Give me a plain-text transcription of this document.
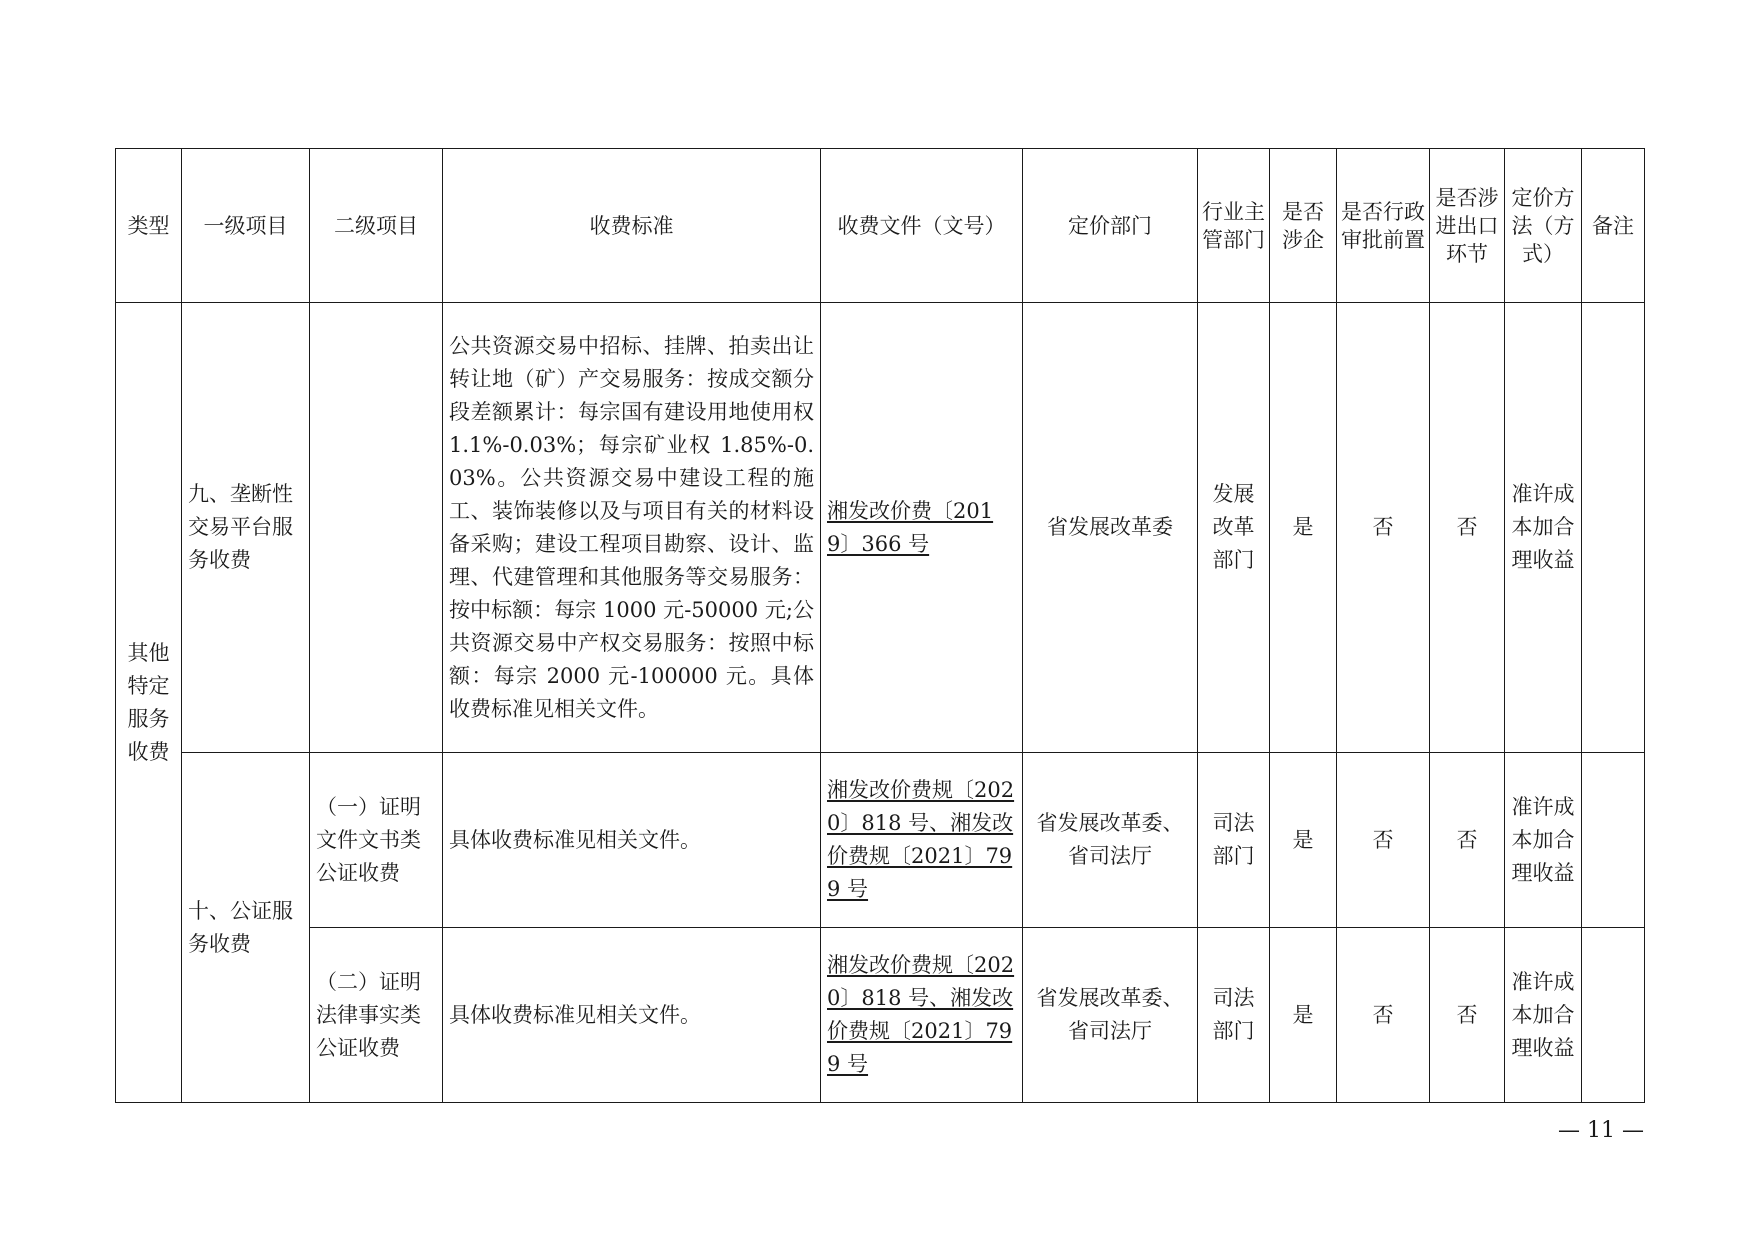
类型	一级项目	二级项目	收费标准	收费文件（文号）	定价部门	行业主管部门	是否涉企	是否行政审批前置	是否涉进出口环节	定价方法（方式）	备注
其他特定服务收费	九、垄断性交易平台服务收费		公共资源交易中招标、挂牌、拍卖出让转让地（矿）产交易服务：按成交额分段差额累计：每宗国有建设用地使用权 1.1%-0.03%；每宗矿业权 1.85%-0.03%。公共资源交易中建设工程的施工、装饰装修以及与项目有关的材料设备采购；建设工程项目勘察、设计、监理、代建管理和其他服务等交易服务：按中标额：每宗 1000 元-50000 元;公共资源交易中产权交易服务：按照中标额：每宗 2000 元-100000 元。具体收费标准见相关文件。	湘发改价费〔2019〕366 号	省发展改革委	发展改革部门	是	否	否	准许成本加合理收益	
	十、公证服务收费	（一）证明文件文书类公证收费	具体收费标准见相关文件。	湘发改价费规〔2020〕818 号、湘发改价费规〔2021〕799 号	省发展改革委、省司法厅	司法部门	是	否	否	准许成本加合理收益	
		（二）证明法律事实类公证收费	具体收费标准见相关文件。	湘发改价费规〔2020〕818 号、湘发改价费规〔2021〕799 号	省发展改革委、省司法厅	司法部门	是	否	否	准许成本加合理收益	
— 11 —
